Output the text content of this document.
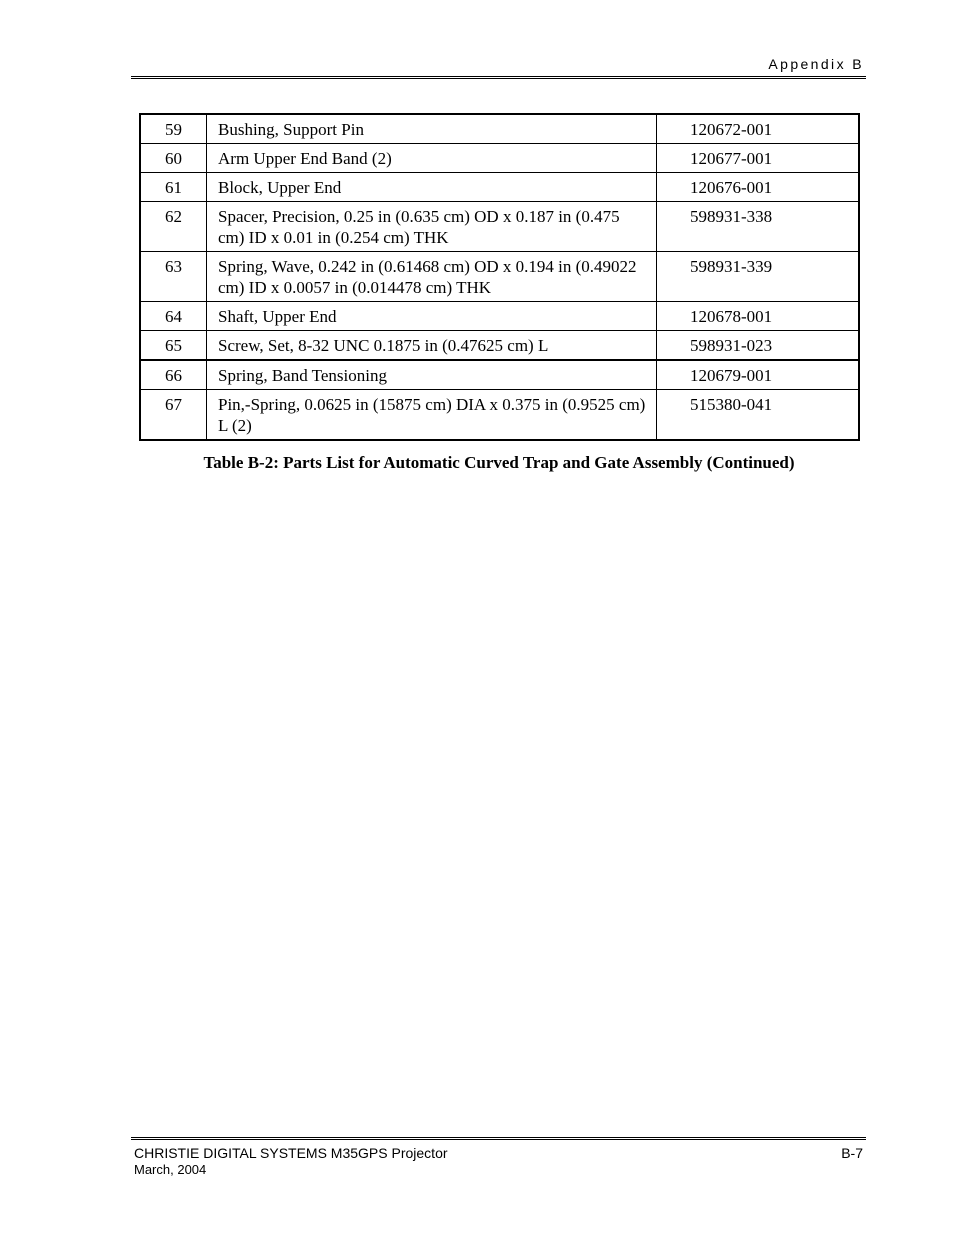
Appendix B
59	Bushing, Support Pin	120672-001
60	Arm Upper End Band (2)	120677-001
61	Block, Upper End	120676-001
62	Spacer, Precision, 0.25 in (0.635 cm) OD x 0.187 in (0.475 cm) ID x 0.01 in (0.254 cm) THK	598931-338
63	Spring, Wave, 0.242 in (0.61468 cm) OD x 0.194 in (0.49022 cm) ID x 0.0057 in (0.014478 cm) THK	598931-339
64	Shaft, Upper End	120678-001
65	Screw, Set, 8-32 UNC 0.1875 in (0.47625 cm) L	598931-023
66	Spring, Band Tensioning	120679-001
67	Pin,-Spring, 0.0625 in (15875 cm) DIA x 0.375 in (0.9525 cm) L (2)	515380-041
Table B-2: Parts List for Automatic Curved Trap and Gate Assembly (Continued)
CHRISTIE DIGITAL SYSTEMS M35GPS Projector
March, 2004
B-7
